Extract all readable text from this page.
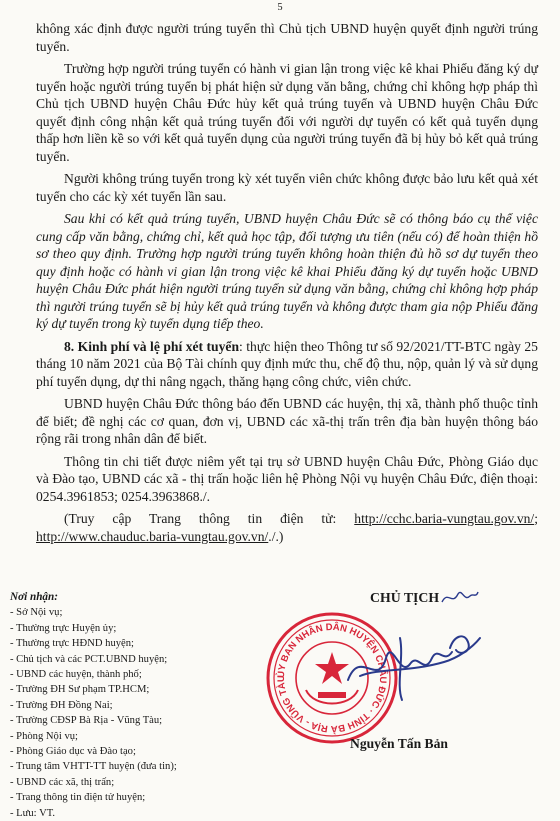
5

không xác định được người trúng tuyển thì Chủ tịch UBND huyện quyết định người trúng tuyển.

Trường hợp người trúng tuyển có hành vi gian lận trong việc kê khai Phiếu đăng ký dự tuyển hoặc người trúng tuyển bị phát hiện sử dụng văn bằng, chứng chỉ không hợp pháp thì Chủ tịch UBND huyện Châu Đức hủy kết quả trúng tuyển và UBND huyện Châu Đức quyết định công nhận kết quả trúng tuyển đối với người dự tuyển có kết quả tuyển dụng thấp hơn liền kề so với kết quả tuyển dụng của người trúng tuyển đã bị hủy bỏ kết quả trúng tuyển.

Người không trúng tuyển trong kỳ xét tuyển viên chức không được bảo lưu kết quả xét tuyển cho các kỳ xét tuyển lần sau.

Sau khi có kết quả trúng tuyển, UBND huyện Châu Đức sẽ có thông báo cụ thể việc cung cấp văn bằng, chứng chỉ, kết quả học tập, đối tượng ưu tiên (nếu có) để hoàn thiện hồ sơ theo quy định. Trường hợp người trúng tuyển không hoàn thiện đủ hồ sơ dự tuyển theo quy định hoặc có hành vi gian lận trong việc kê khai Phiếu đăng ký dự tuyển hoặc UBND huyện Châu Đức phát hiện người trúng tuyển sử dụng văn bằng, chứng chỉ không hợp pháp thì người trúng tuyển sẽ bị hủy kết quả trúng tuyển và không được tham gia nộp Phiếu đăng ký dự tuyển trong kỳ tuyển dụng tiếp theo.

8. Kinh phí và lệ phí xét tuyển: thực hiện theo Thông tư số 92/2021/TT-BTC ngày 25 tháng 10 năm 2021 của Bộ Tài chính quy định mức thu, chế độ thu, nộp, quản lý và sử dụng phí tuyển dụng, dự thi nâng ngạch, thăng hạng công chức, viên chức.

UBND huyện Châu Đức thông báo đến UBND các huyện, thị xã, thành phố thuộc tỉnh để biết; đề nghị các cơ quan, đơn vị, UBND các xã-thị trấn trên địa bàn huyện thông báo rộng rãi trong nhân dân để biết.

Thông tin chi tiết được niêm yết tại trụ sở UBND huyện Châu Đức, Phòng Giáo dục và Đào tạo, UBND các xã - thị trấn hoặc liên hệ Phòng Nội vụ huyện Châu Đức, điện thoại: 0254.3961853; 0254.3963868./.

(Truy cập Trang thông tin điện tử: http://cchc.baria-vungtau.gov.vn/; http://www.chauduc.baria-vungtau.gov.vn/./.)

Nơi nhận:
- Sở Nội vụ;
- Thường trực Huyện ủy;
- Thường trực HĐND huyện;
- Chủ tịch và các PCT.UBND huyện;
- UBND các huyện, thành phố;
- Trường ĐH Sư phạm TP.HCM;
- Trường ĐH Đồng Nai;
- Trường CĐSP Bà Rịa - Vũng Tàu;
- Phòng Nội vụ;
- Phòng Giáo dục và Đào tạo;
- Trung tâm VHTT-TT huyện (đưa tin);
- UBND các xã, thị trấn;
- Trang thông tin điện tử huyện;
- Lưu: VT.
CHỦ TỊCH
ỦY BAN NHÂN DÂN HUYỆN CHÂU ĐỨC · TỈNH BÀ RỊA - VŨNG TÀU
Nguyễn Tấn Bản
